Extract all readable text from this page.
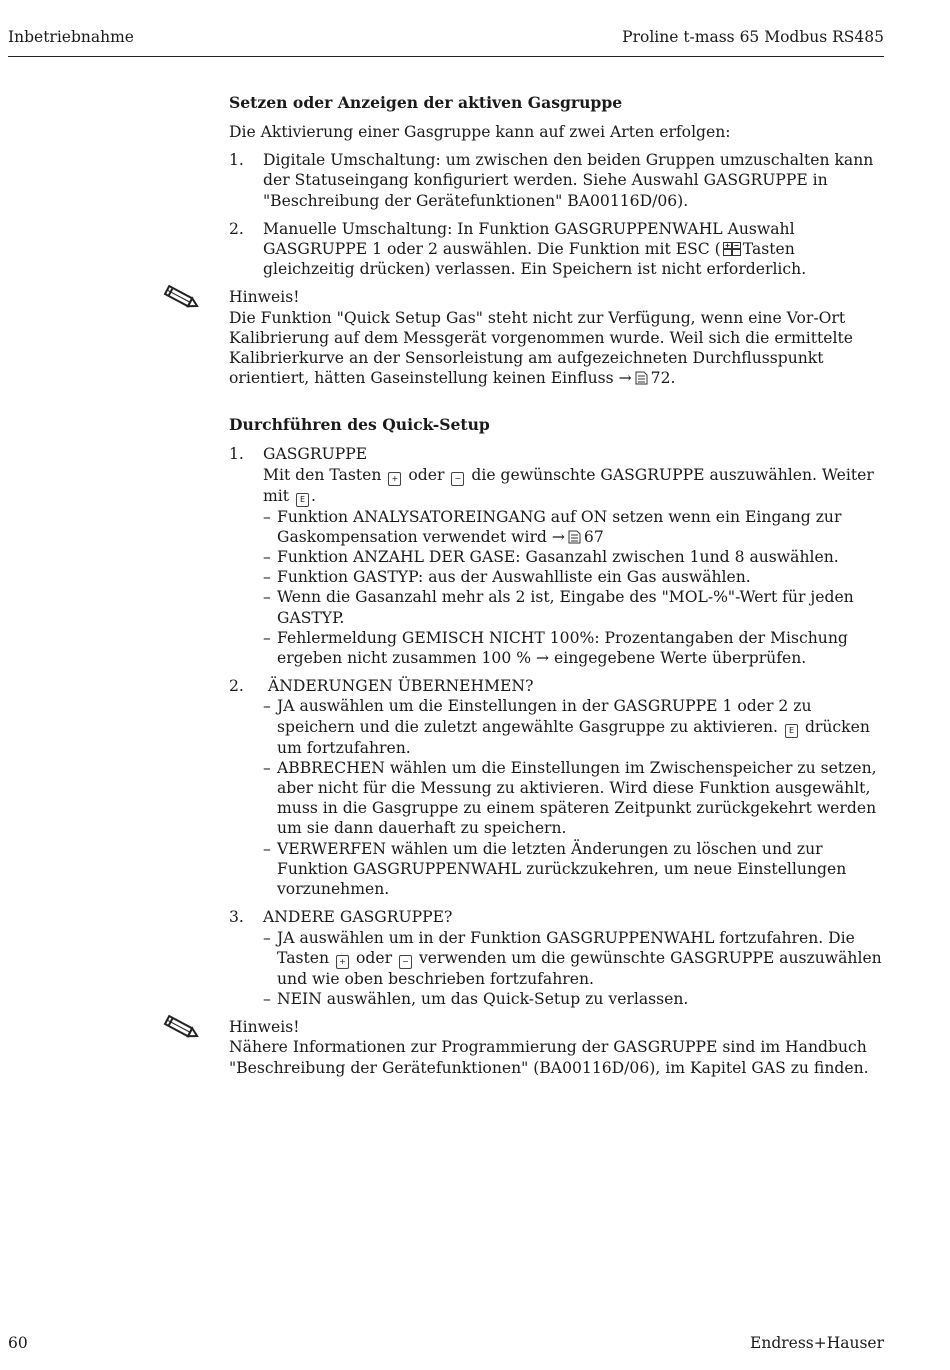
Inbetriebnahme	Proline t-mass 65 Modbus RS485
Setzen oder Anzeigen der aktiven Gasgruppe

Die Aktivierung einer Gasgruppe kann auf zwei Arten erfolgen:

1. Digitale Umschaltung: um zwischen den beiden Gruppen umzuschalten kann der Statuseingang konfiguriert werden. Siehe Auswahl GASGRUPPE in "Beschreibung der Gerätefunktionen" BA00116D/06).
2. Manuelle Umschaltung: In Funktion GASGRUPPENWAHL Auswahl GASGRUPPE 1 oder 2 auswählen. Die Funktion mit ESC ( Tasten gleichzeitig drücken) verlassen. Ein Speichern ist nicht erforderlich.
Hinweis!
Die Funktion "Quick Setup Gas" steht nicht zur Verfügung, wenn eine Vor-Ort Kalibrierung auf dem Messgerät vorgenommen wurde. Weil sich die ermittelte Kalibrierkurve an der Sensorleistung am aufgezeichneten Durchflusspunkt orientiert, hätten Gaseinstellung keinen Einfluss → 72.
Durchführen des Quick-Setup
1. GASGRUPPE
Mit den Tasten + oder − die gewünschte GASGRUPPE auszuwählen. Weiter mit E .
– Funktion ANALYSATOREINGANG auf ON setzen wenn ein Eingang zur Gaskompensation verwendet wird → 67
– Funktion ANZAHL DER GASE: Gasanzahl zwischen 1und 8 auswählen.
– Funktion GASTYP: aus der Auswahlliste ein Gas auswählen.
– Wenn die Gasanzahl mehr als 2 ist, Eingabe des "MOL-%"-Wert für jeden GASTYP.
– Fehlermeldung GEMISCH NICHT 100%: Prozentangaben der Mischung ergeben nicht zusammen 100 % → eingegebene Werte überprüfen.
2. ÄNDERUNGEN ÜBERNEHMEN?
– JA auswählen um die Einstellungen in der GASGRUPPE 1 oder 2 zu speichern und die zuletzt angewählte Gasgruppe zu aktivieren. E drücken um fortzufahren.
– ABBRECHEN wählen um die Einstellungen im Zwischenspeicher zu setzen, aber nicht für die Messung zu aktivieren. Wird diese Funktion ausgewählt, muss in die Gasgruppe zu einem späteren Zeitpunkt zurückgekehrt werden um sie dann dauerhaft zu speichern.
– VERWERFEN wählen um die letzten Änderungen zu löschen und zur Funktion GASGRUPPENWAHL zurückzukehren, um neue Einstellungen vorzunehmen.
3. ANDERE GASGRUPPE?
– JA auswählen um in der Funktion GASGRUPPENWAHL fortzufahren. Die Tasten + oder − verwenden um die gewünschte GASGRUPPE auszuwählen und wie oben beschrieben fortzufahren.
– NEIN auswählen, um das Quick-Setup zu verlassen.
Hinweis!
Nähere Informationen zur Programmierung der GASGRUPPE sind im Handbuch "Beschreibung der Gerätefunktionen" (BA00116D/06), im Kapitel GAS zu finden.
60	Endress+Hauser
